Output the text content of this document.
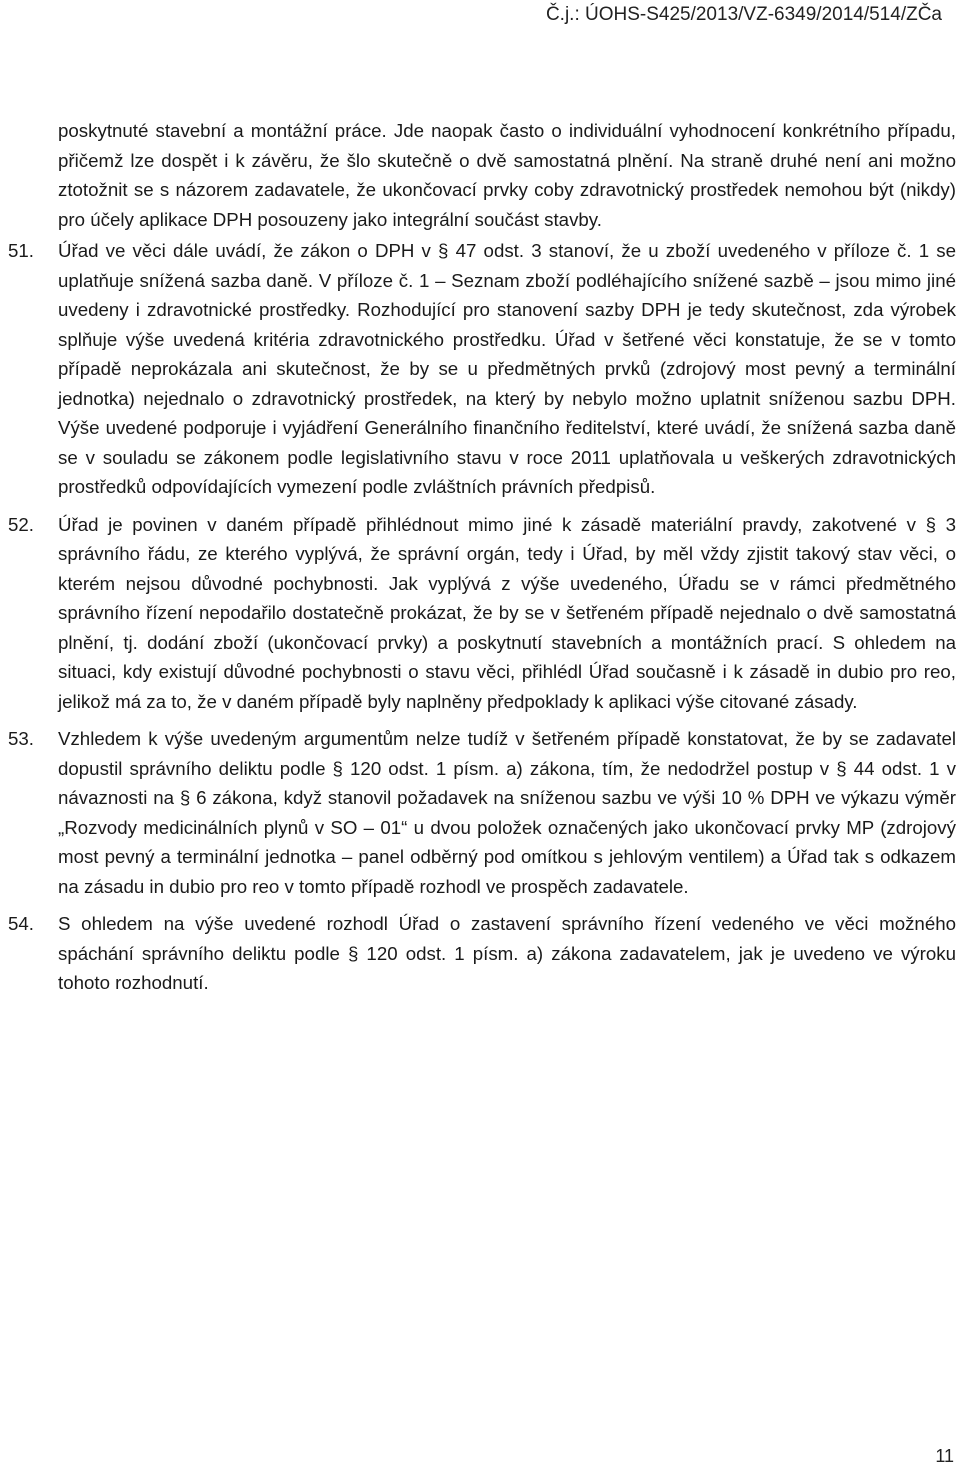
Č.j.: ÚOHS-S425/2013/VZ-6349/2014/514/ZČa

poskytnuté stavební a montážní práce. Jde naopak často o individuální vyhodnocení konkrétního případu, přičemž lze dospět i k závěru, že šlo skutečně o dvě samostatná plnění. Na straně druhé není ani možno ztotožnit se s názorem zadavatele, že ukončovací prvky coby zdravotnický prostředek nemohou být (nikdy) pro účely aplikace DPH posouzeny jako integrální součást stavby.

51.	Úřad ve věci dále uvádí, že zákon o DPH v § 47 odst. 3 stanoví, že u zboží uvedeného v příloze č. 1 se uplatňuje snížená sazba daně. V příloze č. 1 – Seznam zboží podléhajícího snížené sazbě – jsou mimo jiné uvedeny i zdravotnické prostředky. Rozhodující pro stanovení sazby DPH je tedy skutečnost, zda výrobek splňuje výše uvedená kritéria zdravotnického prostředku. Úřad v šetřené věci konstatuje, že se v tomto případě neprokázala ani skutečnost, že by se u předmětných prvků (zdrojový most pevný a terminální jednotka) nejednalo o zdravotnický prostředek, na který by nebylo možno uplatnit sníženou sazbu DPH. Výše uvedené podporuje i vyjádření Generálního finančního ředitelství, které uvádí, že snížená sazba daně se v souladu se zákonem podle legislativního stavu v roce 2011 uplatňovala u veškerých zdravotnických prostředků odpovídajících vymezení podle zvláštních právních předpisů.
52.	Úřad je povinen v daném případě přihlédnout mimo jiné k zásadě materiální pravdy, zakotvené v § 3 správního řádu, ze kterého vyplývá, že správní orgán, tedy i Úřad, by měl vždy zjistit takový stav věci, o kterém nejsou důvodné pochybnosti. Jak vyplývá z výše uvedeného, Úřadu se v rámci předmětného správního řízení nepodařilo dostatečně prokázat, že by se v šetřeném případě nejednalo o dvě samostatná plnění, tj. dodání zboží (ukončovací prvky) a poskytnutí stavebních a montážních prací. S ohledem na situaci, kdy existují důvodné pochybnosti o stavu věci, přihlédl Úřad současně i k zásadě in dubio pro reo, jelikož má za to, že v daném případě byly naplněny předpoklady k aplikaci výše citované zásady.
53.	Vzhledem k výše uvedeným argumentům nelze tudíž v šetřeném případě konstatovat, že by se zadavatel dopustil správního deliktu podle § 120 odst. 1 písm. a) zákona, tím, že nedodržel postup v § 44 odst. 1 v návaznosti na § 6 zákona, když stanovil požadavek na sníženou sazbu ve výši 10 % DPH ve výkazu výměr „Rozvody medicinálních plynů v SO – 01“ u dvou položek označených jako ukončovací prvky MP (zdrojový most pevný a terminální jednotka – panel odběrný pod omítkou s jehlovým ventilem) a Úřad tak s odkazem na zásadu in dubio pro reo v tomto případě rozhodl ve prospěch zadavatele.
54.	S ohledem na výše uvedené rozhodl Úřad o zastavení správního řízení vedeného ve věci možného spáchání správního deliktu podle § 120 odst. 1 písm. a) zákona zadavatelem, jak je uvedeno ve výroku tohoto rozhodnutí.
11
